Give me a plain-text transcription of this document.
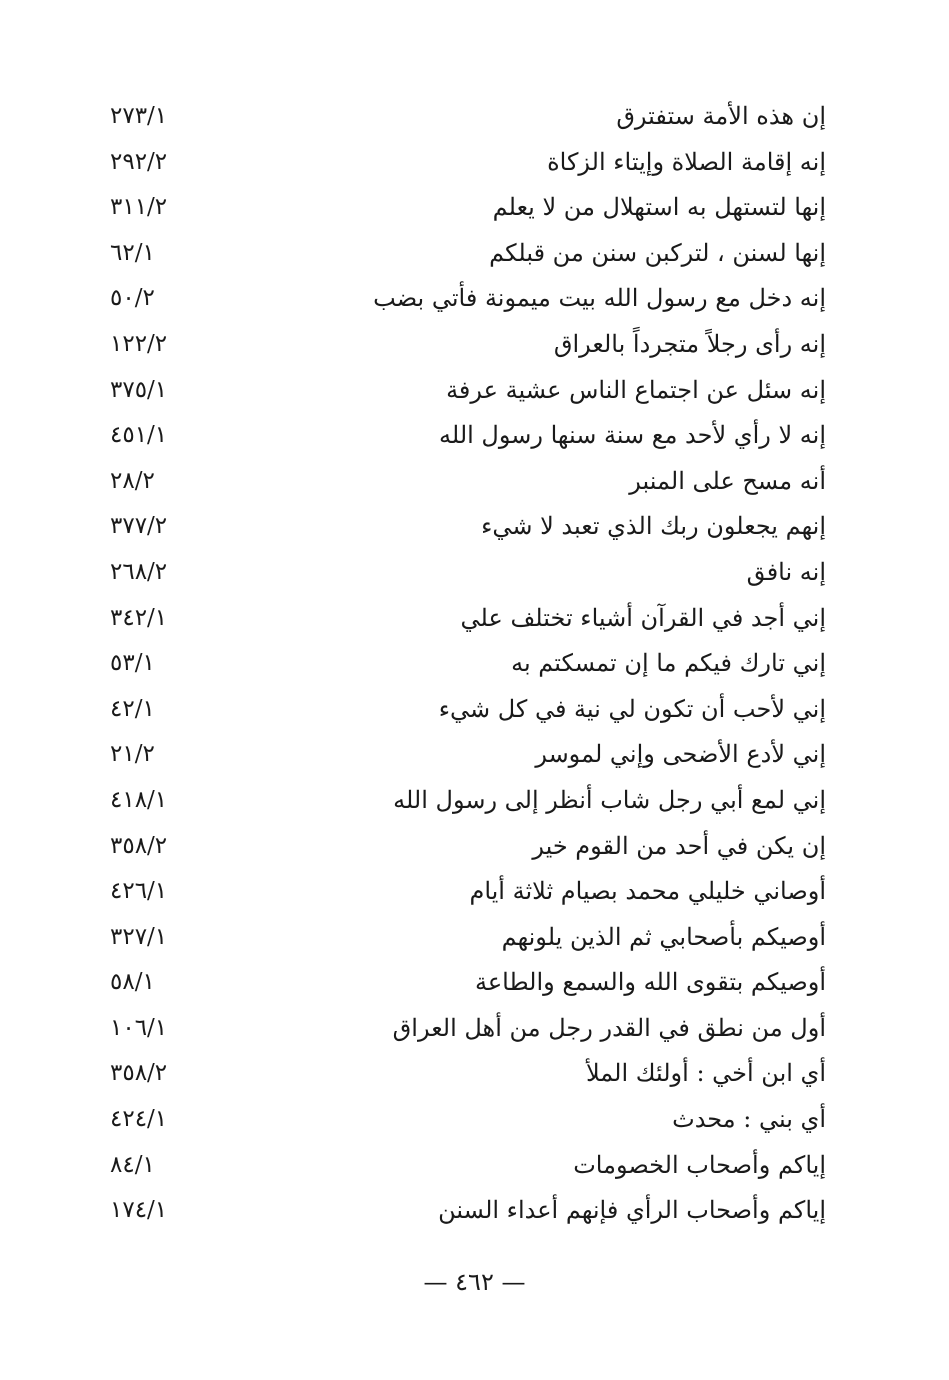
إن هذه الأمة ستفترق
٢٧٣/١
إنه إقامة الصلاة وإيتاء الزكاة
٢٩٢/٢
إنها لتستهل به استهلال من لا يعلم
٣١١/٢
إنها لسنن ، لتركبن سنن من قبلكم
٦٢/١
إنه دخل مع رسول الله بيت ميمونة فأتي بضب
٥٠/٢
إنه رأى رجلاً متجرداً بالعراق
١٢٢/٢
إنه سئل عن اجتماع الناس عشية عرفة
٣٧٥/١
إنه لا رأي لأحد مع سنة سنها رسول الله
٤٥١/١
أنه مسح على المنبر
٢٨/٢
إنهم يجعلون ربك الذي تعبد لا شيء
٣٧٧/٢
إنه نافق
٢٦٨/٢
إني أجد في القرآن أشياء تختلف علي
٣٤٢/١
إني تارك فيكم ما إن تمسكتم به
٥٣/١
إني لأحب أن تكون لي نية في كل شيء
٤٢/١
إني لأدع الأضحى وإني لموسر
٢١/٢
إني لمع أبي رجل شاب أنظر إلى رسول الله
٤١٨/١
إن يكن في أحد من القوم خير
٣٥٨/٢
أوصاني خليلي محمد بصيام ثلاثة أيام
٤٢٦/١
أوصيكم بأصحابي ثم الذين يلونهم
٣٢٧/١
أوصيكم بتقوى الله والسمع والطاعة
٥٨/١
أول من نطق في القدر رجل من أهل العراق
١٠٦/١
أي ابن أخي : أولئك الملأ
٣٥٨/٢
أي بني : محدث
٤٢٤/١
إياكم وأصحاب الخصومات
٨٤/١
إياكم وأصحاب الرأي فإنهم أعداء السنن
١٧٤/١
— ٤٦٢ —
